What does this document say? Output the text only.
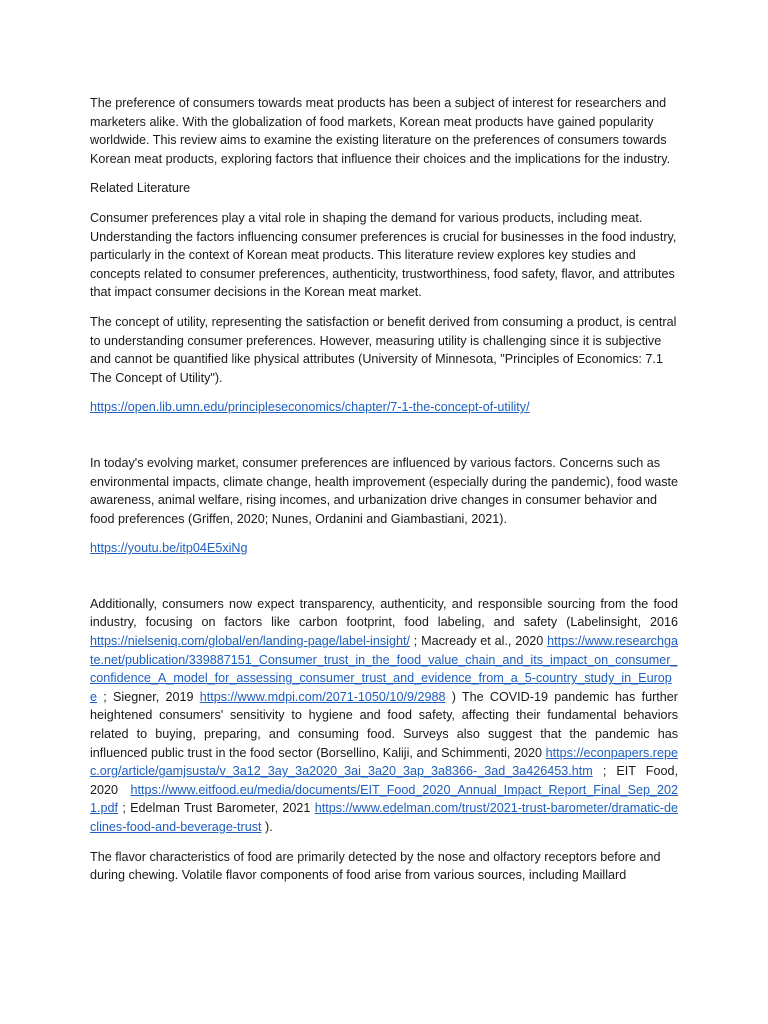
The preference of consumers towards meat products has been a subject of interest for researchers and marketers alike. With the globalization of food markets, Korean meat products have gained popularity worldwide. This review aims to examine the existing literature on the preferences of consumers towards Korean meat products, exploring factors that influence their choices and the implications for the industry.

Related Literature

Consumer preferences play a vital role in shaping the demand for various products, including meat. Understanding the factors influencing consumer preferences is crucial for businesses in the food industry, particularly in the context of Korean meat products. This literature review explores key studies and concepts related to consumer preferences, authenticity, trustworthiness, food safety, flavor, and attributes that impact consumer decisions in the Korean meat market.

The concept of utility, representing the satisfaction or benefit derived from consuming a product, is central to understanding consumer preferences. However, measuring utility is challenging since it is subjective and cannot be quantified like physical attributes (University of Minnesota, "Principles of Economics: 7.1 The Concept of Utility").

https://open.lib.umn.edu/principleseconomics/chapter/7-1-the-concept-of-utility/

In today's evolving market, consumer preferences are influenced by various factors. Concerns such as environmental impacts, climate change, health improvement (especially during the pandemic), food waste awareness, animal welfare, rising incomes, and urbanization drive changes in consumer behavior and food preferences (Griffen, 2020; Nunes, Ordanini and Giambastiani, 2021).

https://youtu.be/itp04E5xiNg

Additionally, consumers now expect transparency, authenticity, and responsible sourcing from the food industry, focusing on factors like carbon footprint, food labeling, and safety (Labelinsight, 2016 https://nielseniq.com/global/en/landing-page/label-insight/ ; Macready et al., 2020 https://www.researchgate.net/publication/339887151_Consumer_trust_in_the_food_value_chain_and_its_impact_on_consumer_confidence_A_model_for_assessing_consumer_trust_and_evidence_from_a_5-country_study_in_Europe ; Siegner, 2019 https://www.mdpi.com/2071-1050/10/9/2988 ) The COVID-19 pandemic has further heightened consumers' sensitivity to hygiene and food safety, affecting their fundamental behaviors related to buying, preparing, and consuming food. Surveys also suggest that the pandemic has influenced public trust in the food sector (Borsellino, Kaliji, and Schimmenti, 2020 https://econpapers.repec.org/article/gamjsusta/v_3a12_3ay_3a2020_3ai_3a20_3ap_3a8366-_3ad_3a426453.htm ; EIT Food, 2020 https://www.eitfood.eu/media/documents/EIT_Food_2020_Annual_Impact_Report_Final_Sep_2021.pdf ; Edelman Trust Barometer, 2021 https://www.edelman.com/trust/2021-trust-barometer/dramatic-declines-food-and-beverage-trust ).

The flavor characteristics of food are primarily detected by the nose and olfactory receptors before and during chewing. Volatile flavor components of food arise from various sources, including Maillard
